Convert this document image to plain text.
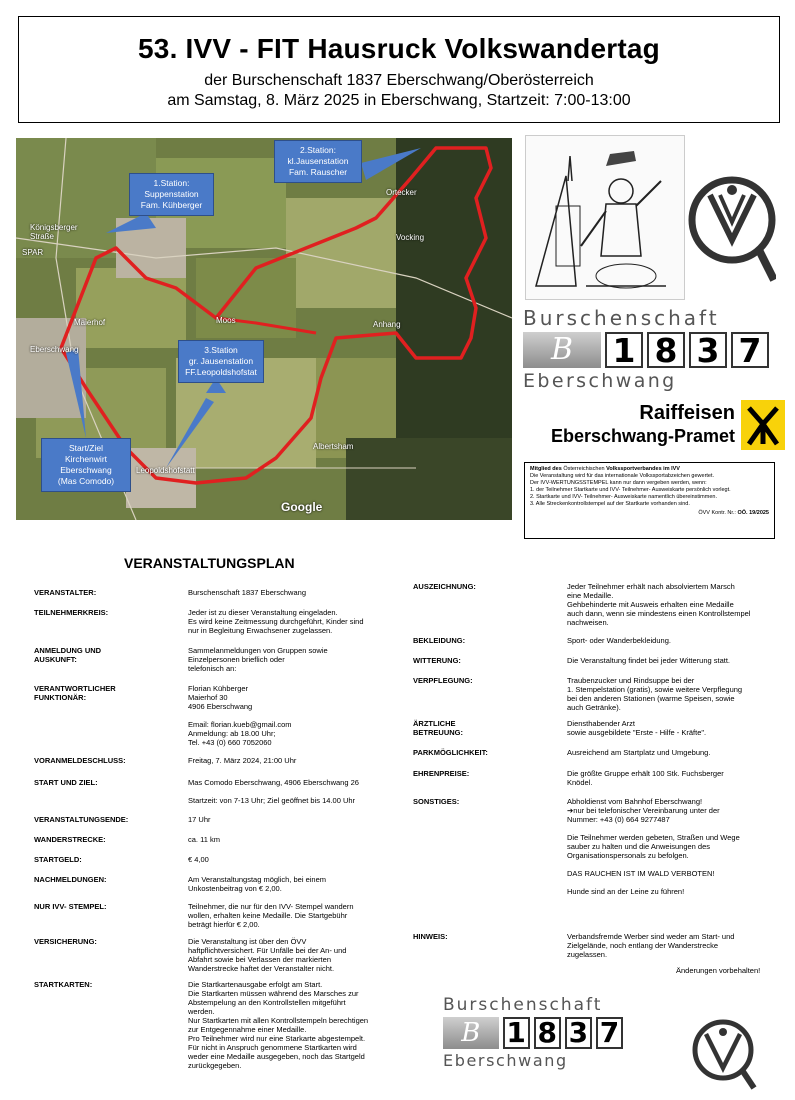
53. IVV - FIT Hausruck Volkswandertag
der Burschenschaft 1837 Eberschwang/Oberösterreich
am Samstag, 8. März 2025 in Eberschwang, Startzeit: 7:00-13:00
1.Station:
Suppenstation
Fam. Kühberger
2.Station:
kl.Jausenstation
Fam. Rauscher
3.Station
gr. Jausenstation
FF.Leopoldshofstat
Start/Ziel
Kirchenwirt Eberschwang
(Mas Comodo)
Königsberger Straße
SPAR
Ortecker
Vocking
Moos
Maierhof
Eberschwang
Anhang
Albertsham
Leopoldshofstatt
Google
Burschenschaft
B	1 8 3 7
Eberschwang
Raiffeisen
Eberschwang-Pramet
Mitglied des Österreichischen Volkssportverbandes im IVV
Die Veranstaltung wird für das internationale Volkssportabzeichen gewertet.
Der IVV-WERTUNGSSTEMPEL kann nur dann vergeben werden, wenn:
1. der Teilnehmer Startkarte und IVV- Teilnehmer- Ausweiskarte persönlich vorlegt.
2. Startkarte und IVV- Teilnehmer- Ausweiskarte namentlich übereinstimmen.
3. Alle Streckenkontrollstempel auf der Startkarte vorhanden sind.
ÖVV Kontr. Nr.: OÖ. 19/2025
VERANSTALTUNGSPLAN
VERANSTALTER:	Burschenschaft 1837 Eberschwang
TEILNEHMERKREIS:	Jeder ist zu dieser Veranstaltung eingeladen.
Es wird keine Zeitmessung durchgeführt, Kinder sind
nur in Begleitung Erwachsener zugelassen.
ANMELDUNG UND
AUSKUNFT:
Sammelanmeldungen von Gruppen sowie
Einzelpersonen brieflich oder
telefonisch an:
VERANTWORTLICHER
FUNKTIONÄR:
Florian Kühberger
Maierhof 30
4906 Eberschwang
Email: florian.kueb@gmail.com
Anmeldung: ab 18.00 Uhr;
Tel. +43 (0) 660 7052060
VORANMELDESCHLUSS:	Freitag, 7. März 2024, 21:00 Uhr
START UND ZIEL:	Mas Comodo Eberschwang, 4906 Eberschwang 26
Startzeit: von 7-13 Uhr; Ziel geöffnet bis 14.00 Uhr
VERANSTALTUNGSENDE:	17 Uhr
WANDERSTRECKE:	ca. 11 km
STARTGELD:	€ 4,00
NACHMELDUNGEN:	Am Veranstaltungstag möglich, bei einem
Unkostenbeitrag von € 2,00.
NUR IVV- STEMPEL:	Teilnehmer, die nur für den IVV- Stempel wandern
wollen, erhalten keine Medaille. Die Startgebühr
beträgt hierfür € 2,00.
VERSICHERUNG:	Die Veranstaltung ist über den ÖVV
haftpflichtversichert. Für Unfälle bei der An- und
Abfahrt sowie bei Verlassen der markierten
Wanderstrecke haftet der Veranstalter nicht.
STARTKARTEN:	Die Startkartenausgabe erfolgt am Start.
Die Startkarten müssen während des Marsches zur
Abstempelung an den Kontrollstellen mitgeführt
werden.
Nur Startkarten mit allen Kontrollstempeln berechtigen
zur Entgegennahme einer Medaille.
Pro Teilnehmer wird nur eine Starkarte abgestempelt.
Für nicht in Anspruch genommene Startkarten wird
weder eine Medaille ausgegeben, noch das Startgeld
zurückgegeben.
AUSZEICHNUNG:	Jeder Teilnehmer erhält nach absolviertem Marsch
eine Medaille.
Gehbehinderte mit Ausweis erhalten eine Medaille
auch dann, wenn sie mindestens einen Kontrollstempel
nachweisen.
BEKLEIDUNG:	Sport- oder Wanderbekleidung.
WITTERUNG:	Die Veranstaltung findet bei jeder Witterung statt.
VERPFLEGUNG:	Traubenzucker und Rindsuppe bei der
1. Stempelstation (gratis), sowie weitere Verpflegung
bei den anderen Stationen (warme Speisen, sowie
auch Getränke).
ÄRZTLICHE
BETREUUNG:
Diensthabender Arzt
sowie ausgebildete "Erste - Hilfe - Kräfte".
PARKMÖGLICHKEIT:	Ausreichend am Startplatz und Umgebung.
EHRENPREISE:	Die größte Gruppe erhält 100 Stk. Fuchsberger
Knödel.
SONSTIGES:	Abholdienst vom Bahnhof Eberschwang!
➔nur bei telefonischer Vereinbarung unter der
Nummer: +43 (0) 664 9277487
Die Teilnehmer werden gebeten, Straßen und Wege
sauber zu halten und die Anweisungen des
Organisationspersonals zu befolgen.
DAS RAUCHEN IST IM WALD VERBOTEN!
Hunde sind an der Leine zu führen!
HINWEIS:	Verbandsfremde Werber sind weder am Start- und
Zielgelände, noch entlang der Wanderstrecke
zugelassen.
Änderungen vorbehalten!
Burschenschaft
B 1 8 3 7
Eberschwang
